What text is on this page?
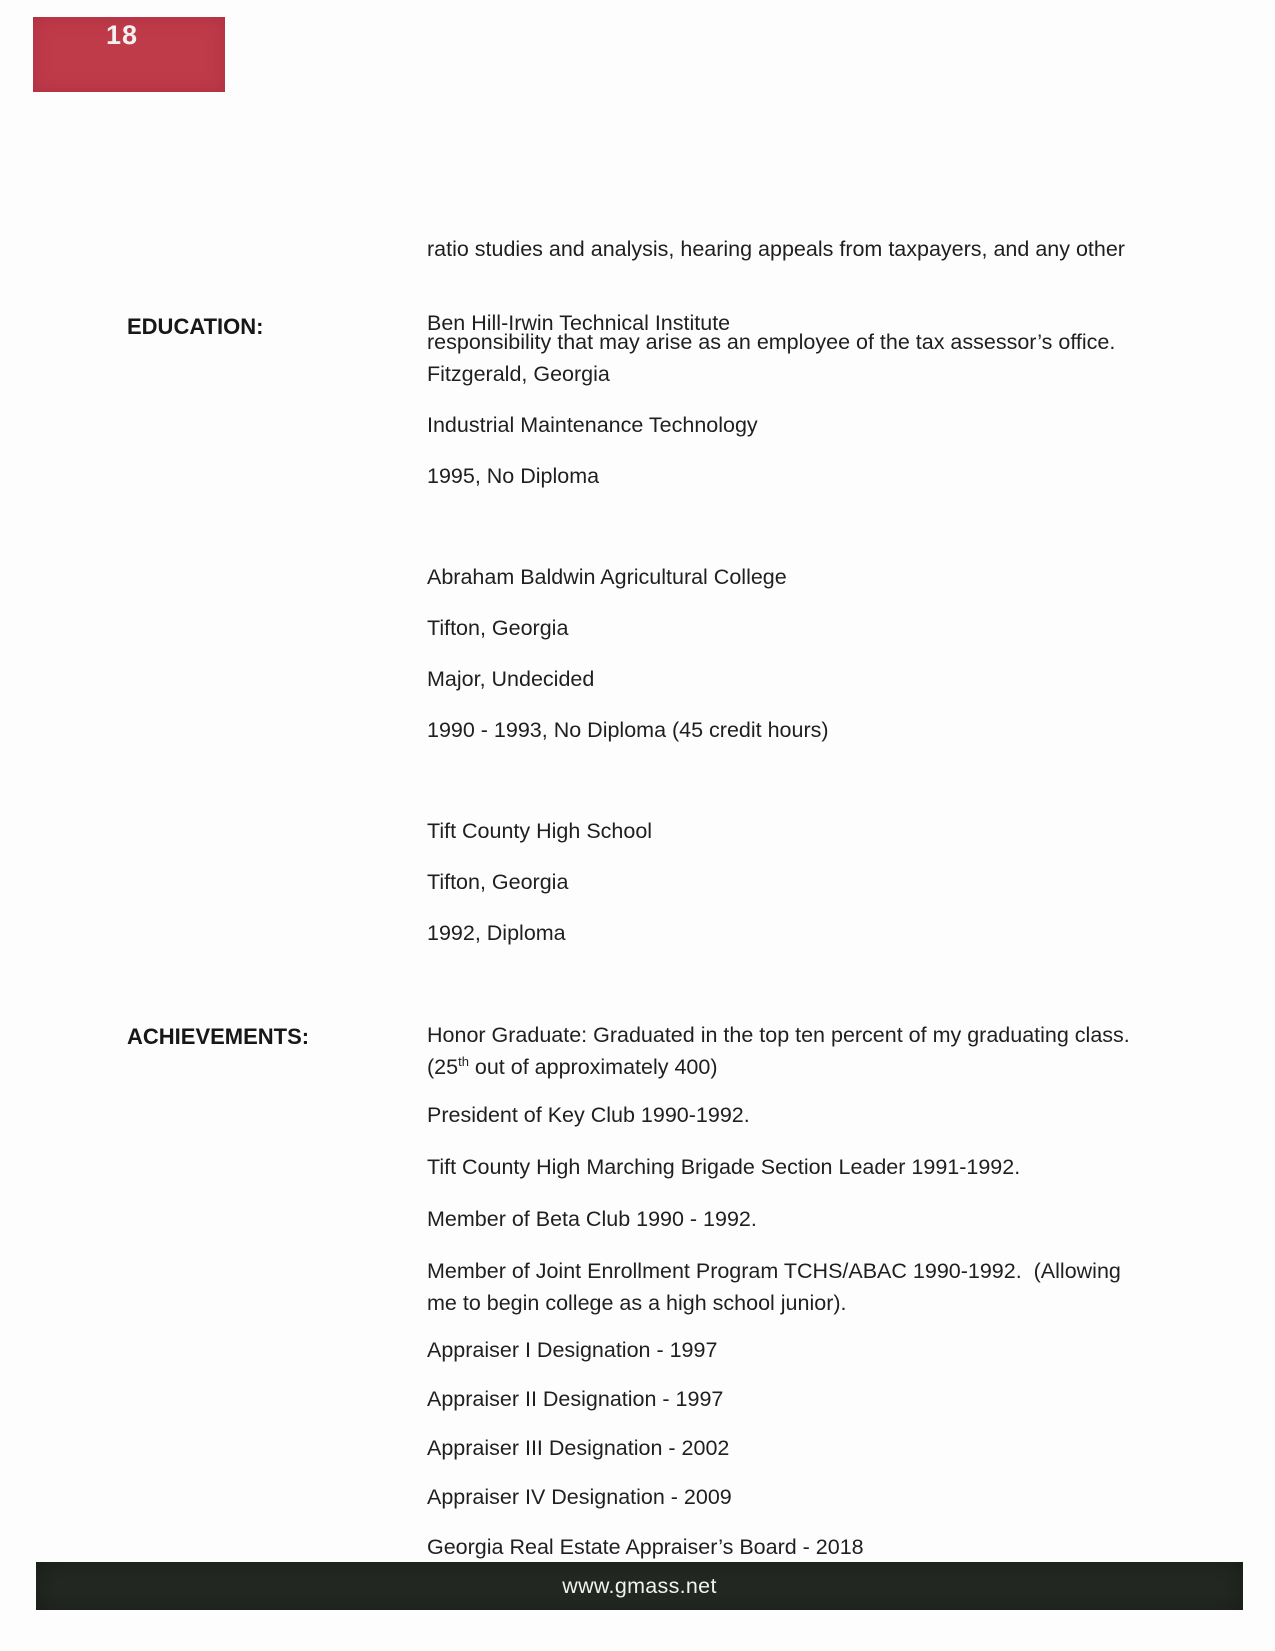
18

ratio studies and analysis, hearing appeals from taxpayers, and any other

responsibility that may arise as an employee of the tax assessor’s office.

EDUCATION:	Ben Hill-Irwin Technical Institute
Fitzgerald, Georgia
Industrial Maintenance Technology
1995, No Diploma
Abraham Baldwin Agricultural College
Tifton, Georgia
Major, Undecided
1990 - 1993, No Diploma (45 credit hours)
Tift County High School
Tifton, Georgia
1992, Diploma
ACHIEVEMENTS:	Honor Graduate: Graduated in the top ten percent of my graduating class.
(25th out of approximately 400)
President of Key Club 1990-1992.
Tift County High Marching Brigade Section Leader 1991-1992.
Member of Beta Club 1990 - 1992.
Member of Joint Enrollment Program TCHS/ABAC 1990-1992.  (Allowing
me to begin college as a high school junior).
Appraiser I Designation - 1997
Appraiser II Designation - 1997
Appraiser III Designation - 2002
Appraiser IV Designation - 2009
Georgia Real Estate Appraiser’s Board - 2018
www.gmass.net
